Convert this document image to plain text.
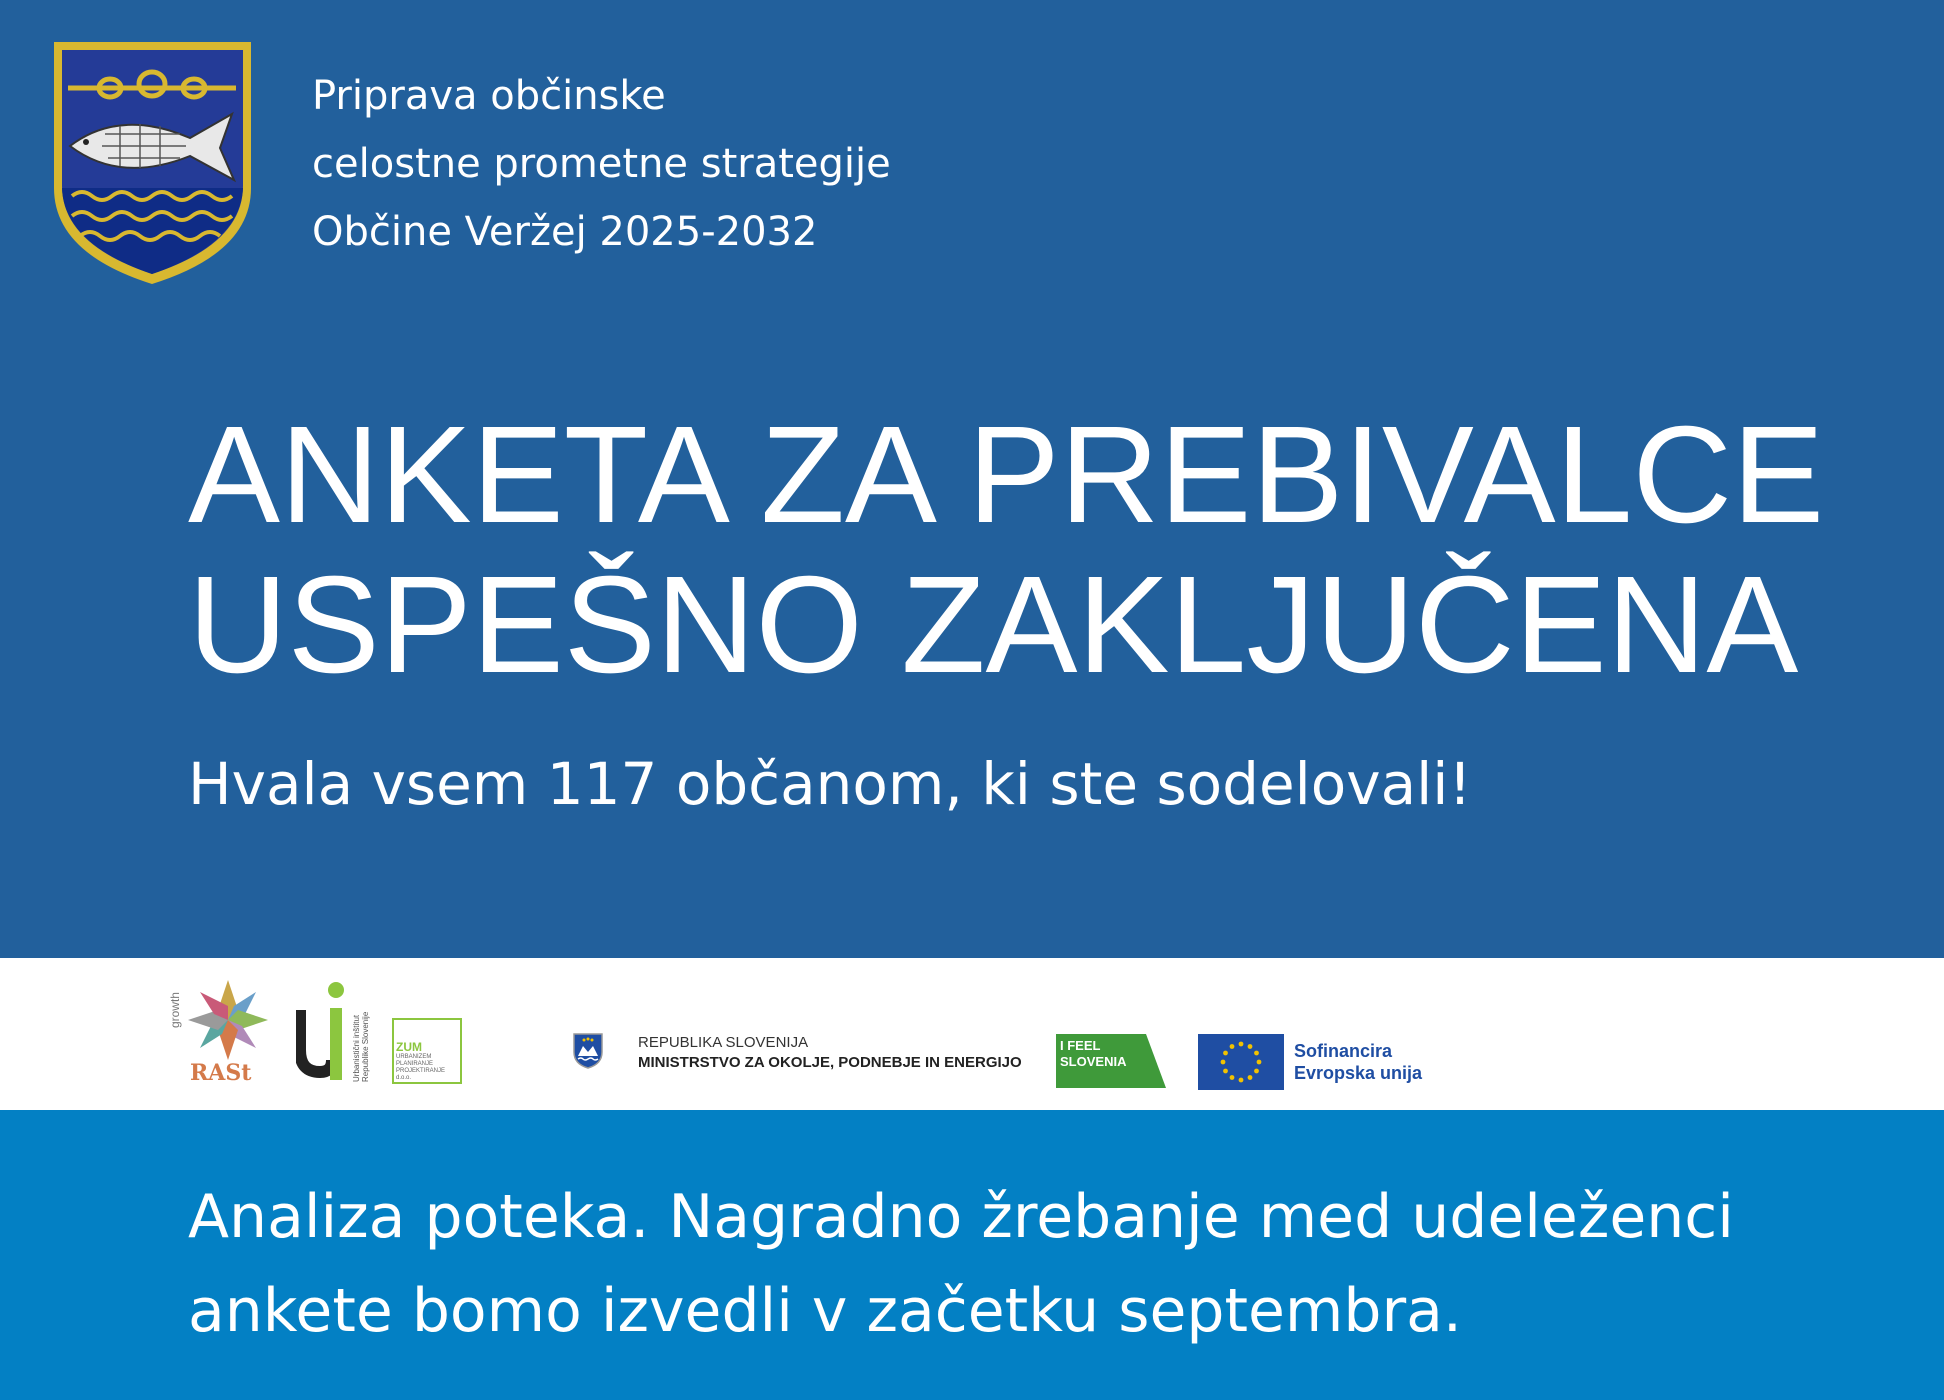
Priprava občinske
celostne prometne strategije
Občine Veržej 2025-2032
ANKETA ZA PREBIVALCE
USPEŠNO ZAKLJUČENA
Hvala vsem 117 občanom, ki ste sodelovali!
growth
RASt	Urbanistični inštitut Republike Slovenije ZUM
URBANIZEM
PLANIRANJE
PROJEKTIRANJE
d.o.o.
REPUBLIKA SLOVENIJA
MINISTRSTVO ZA OKOLJE, PODNEBJE IN ENERGIJO
I FEEL
SLOVENIA
Sofinancira
Evropska unija
Analiza poteka. Nagradno žrebanje med udeleženci
ankete bomo izvedli v začetku septembra.
